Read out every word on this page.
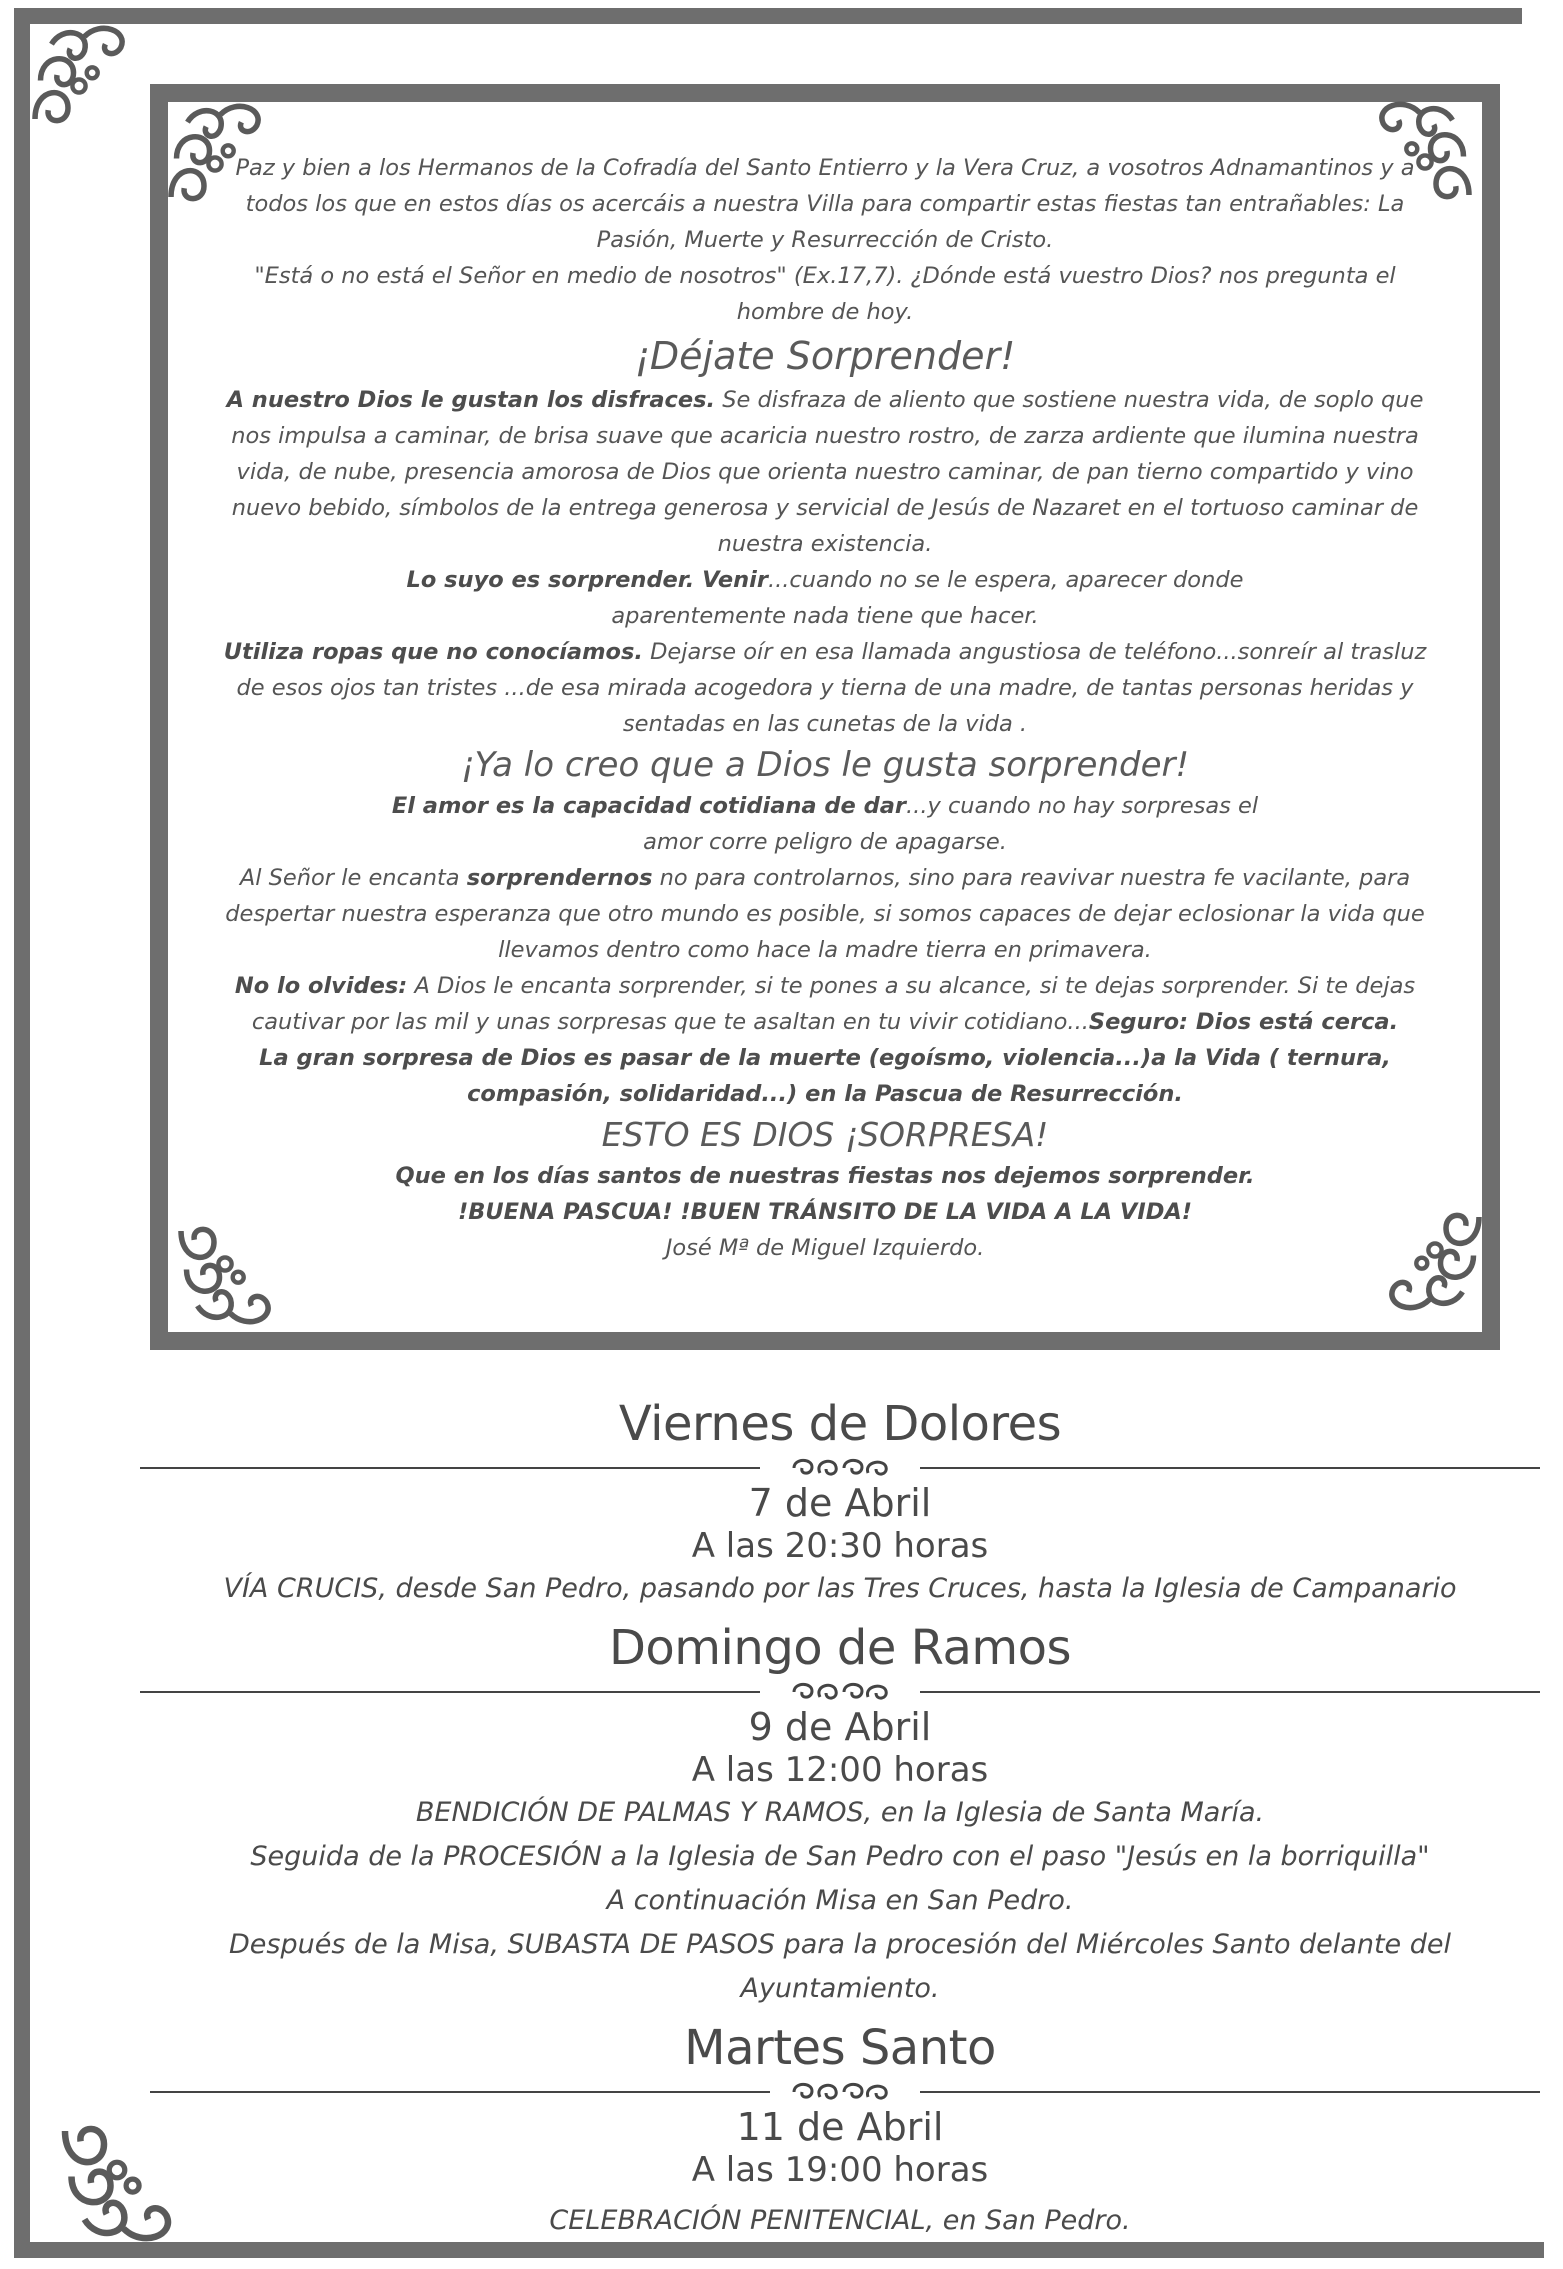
Paz y bien a los Hermanos de la Cofradía del Santo Entierro y la Vera Cruz, a vosotros Adnamantinos y a todos los que en estos días os acercáis a nuestra Villa para compartir estas fiestas tan entrañables: La Pasión, Muerte y Resurrección de Cristo.

"Está o no está el Señor en medio de nosotros" (Ex.17,7). ¿Dónde está vuestro Dios? nos pregunta el hombre de hoy.

¡Déjate Sorprender!

A nuestro Dios le gustan los disfraces. Se disfraza de aliento que sostiene nuestra vida, de soplo que nos impulsa a caminar, de brisa suave que acaricia nuestro rostro, de zarza ardiente que ilumina nuestra vida, de nube, presencia amorosa de Dios que orienta nuestro caminar, de pan tierno compartido y vino nuevo bebido, símbolos de la entrega generosa y servicial de Jesús de Nazaret en el tortuoso caminar de nuestra existencia.

Lo suyo es sorprender. Venir...cuando no se le espera, aparecer donde aparentemente nada tiene que hacer.

Utiliza ropas que no conocíamos. Dejarse oír en esa llamada angustiosa de teléfono...sonreír al trasluz de esos ojos tan tristes ...de esa mirada acogedora y tierna de una madre, de tantas personas heridas y sentadas en las cunetas de la vida .

¡Ya lo creo que a Dios le gusta sorprender!

El amor es la capacidad cotidiana de dar...y cuando no hay sorpresas el amor corre peligro de apagarse.

Al Señor le encanta sorprendernos no para controlarnos, sino para reavivar nuestra fe vacilante, para despertar nuestra esperanza que otro mundo es posible, si somos capaces de dejar eclosionar la vida que llevamos dentro como hace la madre tierra en primavera.

No lo olvides: A Dios le encanta sorprender, si te pones a su alcance, si te dejas sorprender. Si te dejas cautivar por las mil y unas sorpresas que te asaltan en tu vivir cotidiano...Seguro: Dios está cerca.

La gran sorpresa de Dios es pasar de la muerte (egoísmo, violencia...)a la Vida ( ternura, compasión, solidaridad...) en la Pascua de Resurrección.

ESTO ES DIOS ¡SORPRESA!

Que en los días santos de nuestras fiestas nos dejemos sorprender.

!BUENA PASCUA! !BUEN TRÁNSITO DE LA VIDA A LA VIDA!

José Mª de Miguel Izquierdo.

Viernes de Dolores

7 de Abril

A las 20:30 horas

VÍA CRUCIS, desde San Pedro, pasando por las Tres Cruces, hasta la Iglesia de Campanario

Domingo de Ramos

9 de Abril

A las 12:00 horas

BENDICIÓN DE PALMAS Y RAMOS, en la Iglesia de Santa María.

Seguida de la PROCESIÓN a la Iglesia de San Pedro con el paso "Jesús en la borriquilla"

A continuación Misa en San Pedro.

Después de la Misa, SUBASTA DE PASOS para la procesión del Miércoles Santo delante del Ayuntamiento.

Martes Santo

11 de Abril

A las 19:00 horas

CELEBRACIÓN PENITENCIAL, en San Pedro.
